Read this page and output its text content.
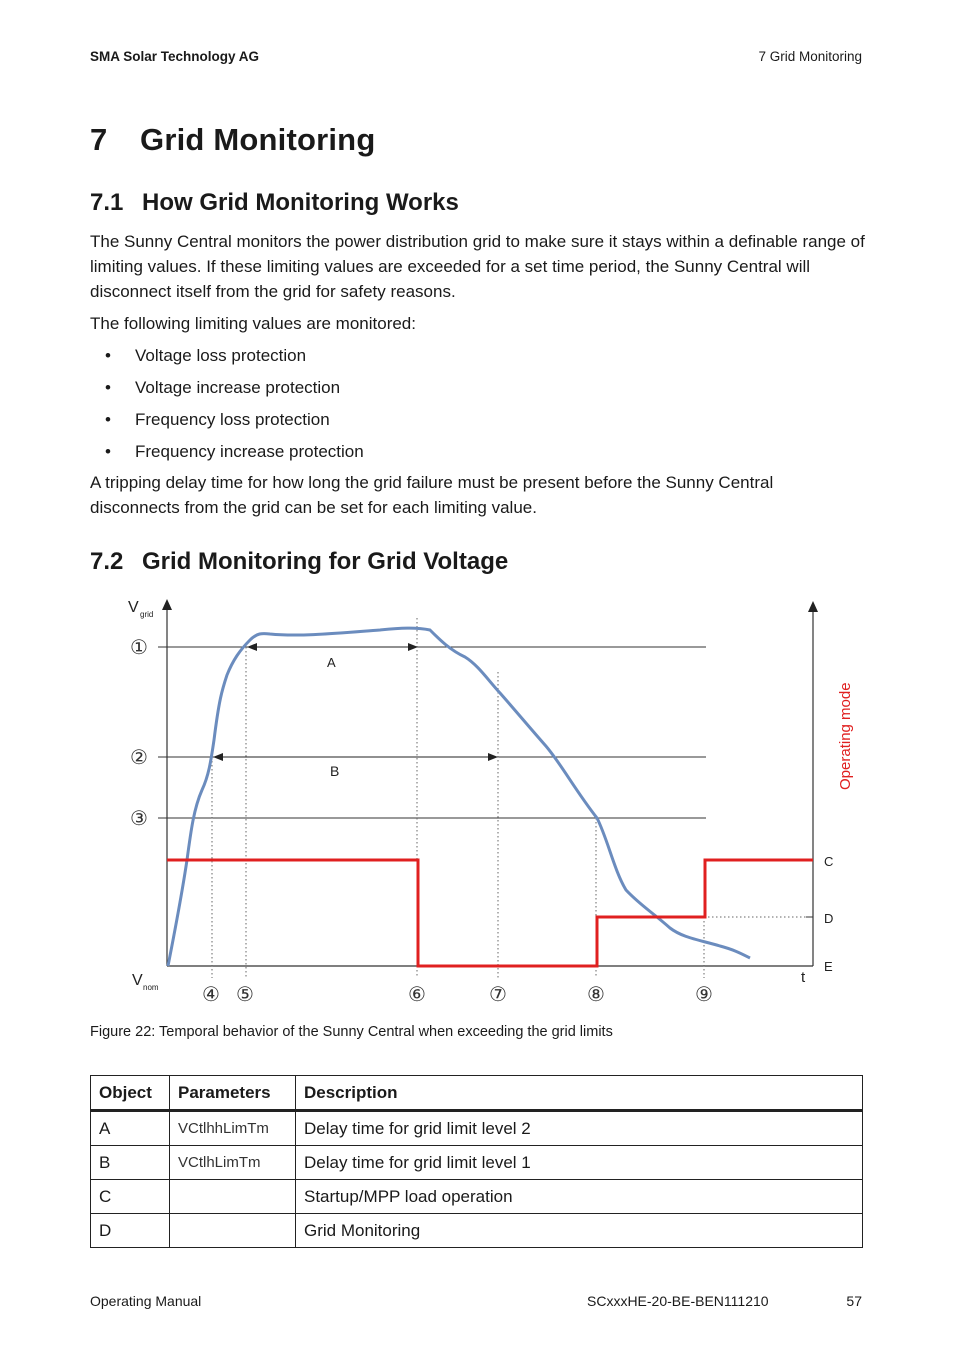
SMA Solar Technology AG	7 Grid Monitoring
7 Grid Monitoring
7.1 How Grid Monitoring Works
The Sunny Central monitors the power distribution grid to make sure it stays within a definable range of limiting values. If these limiting values are exceeded for a set time period, the Sunny Central will disconnect itself from the grid for safety reasons.
The following limiting values are monitored:
• Voltage loss protection
• Voltage increase protection
• Frequency loss protection
• Frequency increase protection
A tripping delay time for how long the grid failure must be present before the Sunny Central disconnects from the grid can be set for each limiting value.
7.2 Grid Monitoring for Grid Voltage
V grid
V nom
t
Operating mode
①
②
③
④ ⑤	⑥	⑦	⑧	⑨
A
B
C
D
E
Figure 22: Temporal behavior of the Sunny Central when exceeding the grid limits
Object	Parameters	Description
A	VCtlhhLimTm	Delay time for grid limit level 2
B	VCtlhLimTm	Delay time for grid limit level 1
C		Startup/MPP load operation
D		Grid Monitoring
Operating Manual	SCxxxHE-20-BE-BEN111210	57
